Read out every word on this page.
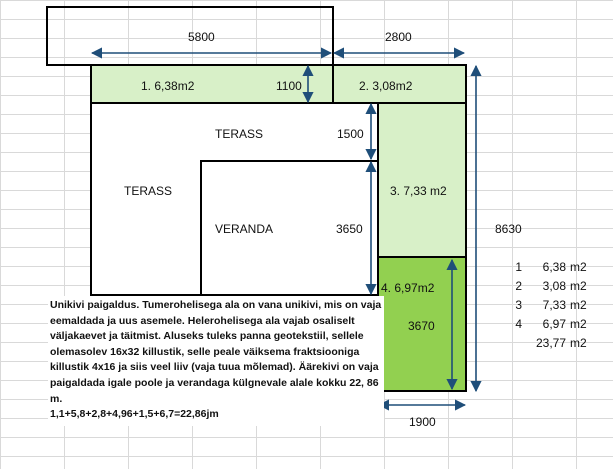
5800	2800
1. 6,38m2	1100	2. 3,08m2
TERASS	1500
TERASS
VERANDA	3650
3. 7,33 m2
4. 6,97m2
3670
8630
1900
1	6,38 m2
2	3,08 m2
3	7,33 m2
4	6,97 m2
23,77 m2

Unikivi paigaldus. Tumerohelisega ala on vana unikivi, mis on vaja eemaldada ja uus asemele. Helerohelisega ala vajab osaliselt väljakaevet ja täitmist. Aluseks tuleks panna geotekstiil, sellele olemasolev 16x32 killustik, selle peale väiksema fraktsiooniga killustik 4x16 ja siis veel liiv (vaja tuua mõlemad). Äärekivi on vaja paigaldada igale poole ja verandaga külgnevale alale kokku 22, 86 m.

1,1+5,8+2,8+4,96+1,5+6,7=22,86jm
